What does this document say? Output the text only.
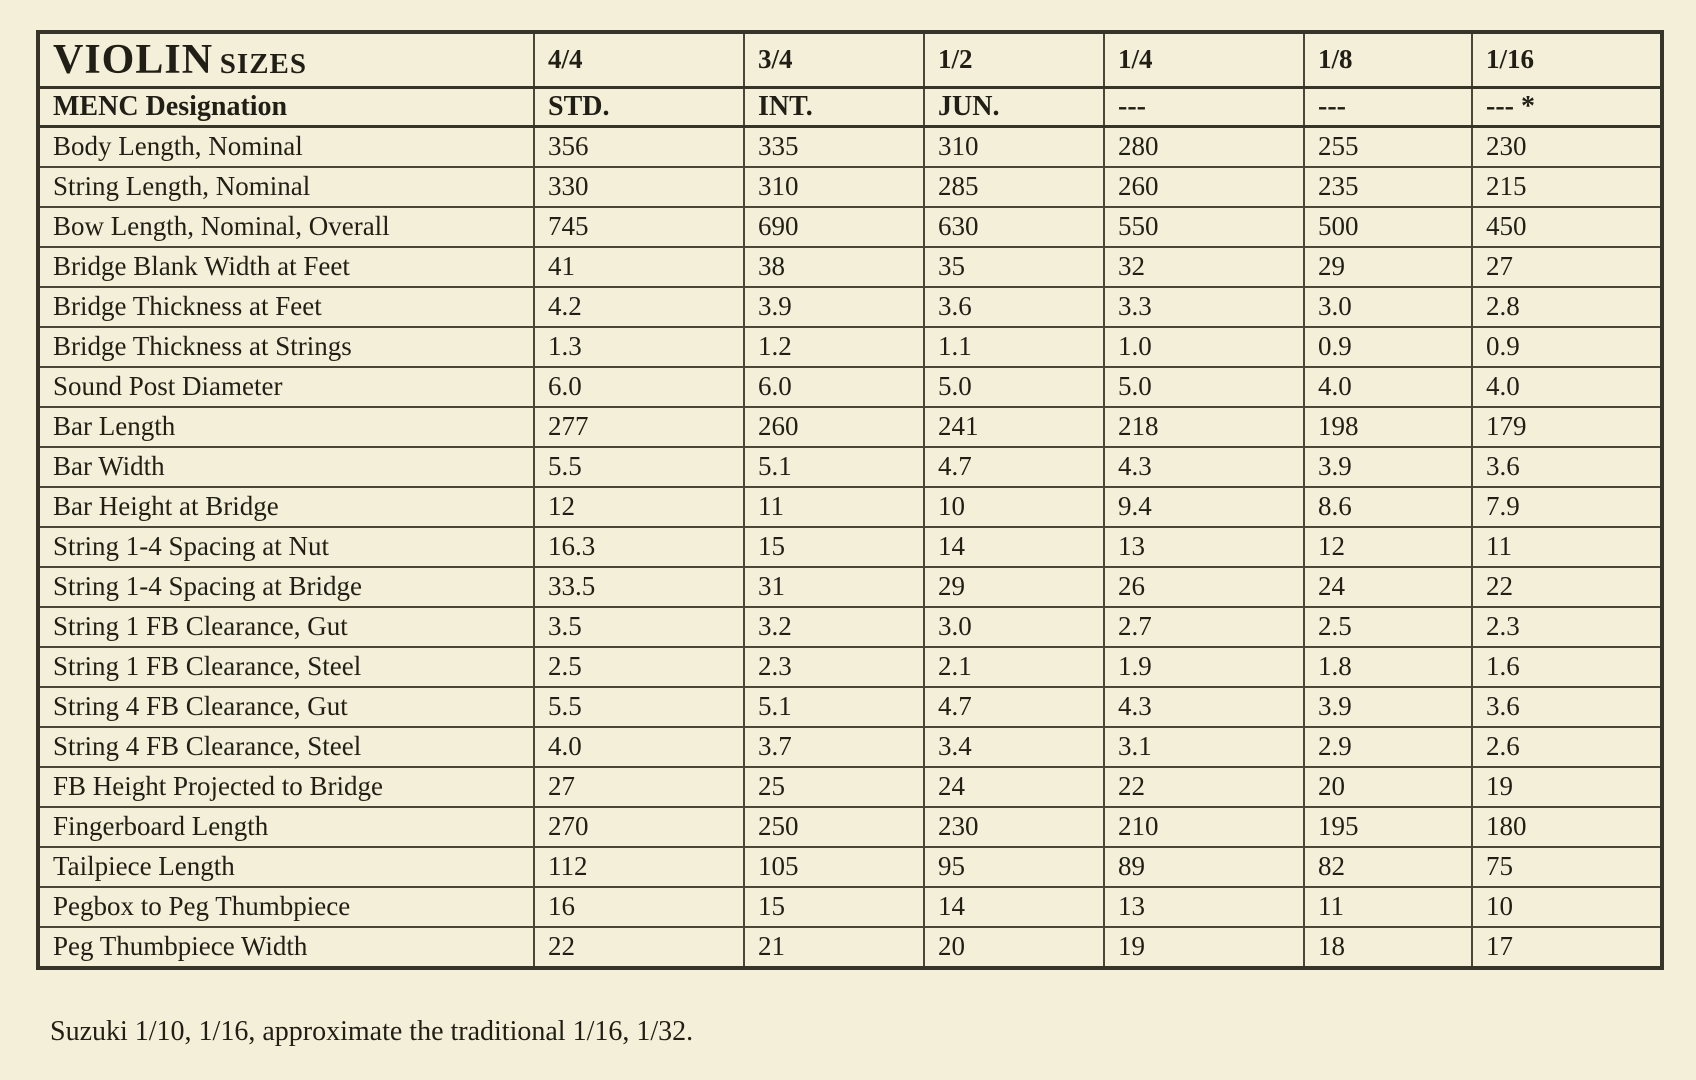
VIOLIN SIZES	4/4	3/4	1/2	1/4	1/8	1/16
MENC Designation	STD.	INT.	JUN.	---	---	--- *
Body Length, Nominal	356	335	310	280	255	230
String Length, Nominal	330	310	285	260	235	215
Bow Length, Nominal, Overall	745	690	630	550	500	450
Bridge Blank Width at Feet	41	38	35	32	29	27
Bridge Thickness at Feet	4.2	3.9	3.6	3.3	3.0	2.8
Bridge Thickness at Strings	1.3	1.2	1.1	1.0	0.9	0.9
Sound Post Diameter	6.0	6.0	5.0	5.0	4.0	4.0
Bar Length	277	260	241	218	198	179
Bar Width	5.5	5.1	4.7	4.3	3.9	3.6
Bar Height at Bridge	12	11	10	9.4	8.6	7.9
String 1-4 Spacing at Nut	16.3	15	14	13	12	11
String 1-4 Spacing at Bridge	33.5	31	29	26	24	22
String 1 FB Clearance, Gut	3.5	3.2	3.0	2.7	2.5	2.3
String 1 FB Clearance, Steel	2.5	2.3	2.1	1.9	1.8	1.6
String 4 FB Clearance, Gut	5.5	5.1	4.7	4.3	3.9	3.6
String 4 FB Clearance, Steel	4.0	3.7	3.4	3.1	2.9	2.6
FB Height Projected to Bridge	27	25	24	22	20	19
Fingerboard Length	270	250	230	210	195	180
Tailpiece Length	112	105	95	89	82	75
Pegbox to Peg Thumbpiece	16	15	14	13	11	10
Peg Thumbpiece Width	22	21	20	19	18	17
Suzuki 1/10, 1/16, approximate the traditional 1/16, 1/32.
